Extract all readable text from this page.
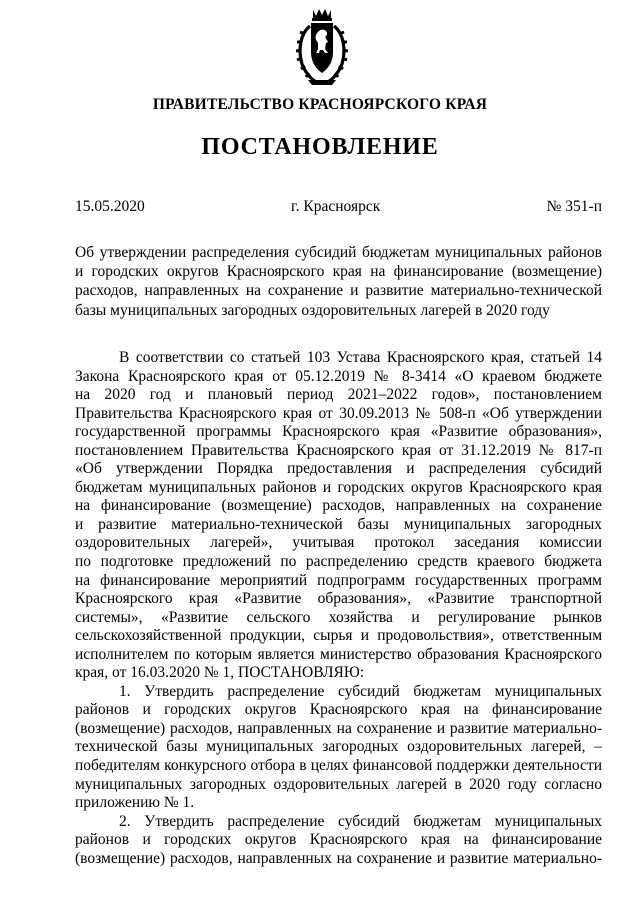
ПРАВИТЕЛЬСТВО КРАСНОЯРСКОГО КРАЯ
ПОСТАНОВЛЕНИЕ
15.05.2020	г. Красноярск	№ 351-п
Об утверждении распределения субсидий бюджетам муниципальных районов
и городских округов Красноярского края на финансирование (возмещение)
расходов, направленных на сохранение и развитие материально-технической
базы муниципальных загородных оздоровительных лагерей в 2020 году
В соответствии со статьей 103 Устава Красноярского края, статьей 14
Закона Красноярского края от 05.12.2019 № 8-3414 «О краевом бюджете
на 2020 год и плановый период 2021–2022 годов», постановлением
Правительства Красноярского края от 30.09.2013 № 508-п «Об утверждении
государственной программы Красноярского края «Развитие образования»,
постановлением Правительства Красноярского края от 31.12.2019 № 817-п
«Об утверждении Порядка предоставления и распределения субсидий
бюджетам муниципальных районов и городских округов Красноярского края
на финансирование (возмещение) расходов, направленных на сохранение
и развитие материально-технической базы муниципальных загородных
оздоровительных лагерей», учитывая протокол заседания комиссии
по подготовке предложений по распределению средств краевого бюджета
на финансирование мероприятий подпрограмм государственных программ
Красноярского края «Развитие образования», «Развитие транспортной
системы», «Развитие сельского хозяйства и регулирование рынков
сельскохозяйственной продукции, сырья и продовольствия», ответственным
исполнителем по которым является министерство образования Красноярского
края, от 16.03.2020 № 1, ПОСТАНОВЛЯЮ:
1. Утвердить распределение субсидий бюджетам муниципальных
районов и городских округов Красноярского края на финансирование
(возмещение) расходов, направленных на сохранение и развитие материально-
технической базы муниципальных загородных оздоровительных лагерей, –
победителям конкурсного отбора в целях финансовой поддержки деятельности
муниципальных загородных оздоровительных лагерей в 2020 году согласно
приложению № 1.
2. Утвердить распределение субсидий бюджетам муниципальных
районов и городских округов Красноярского края на финансирование
(возмещение) расходов, направленных на сохранение и развитие материально-
